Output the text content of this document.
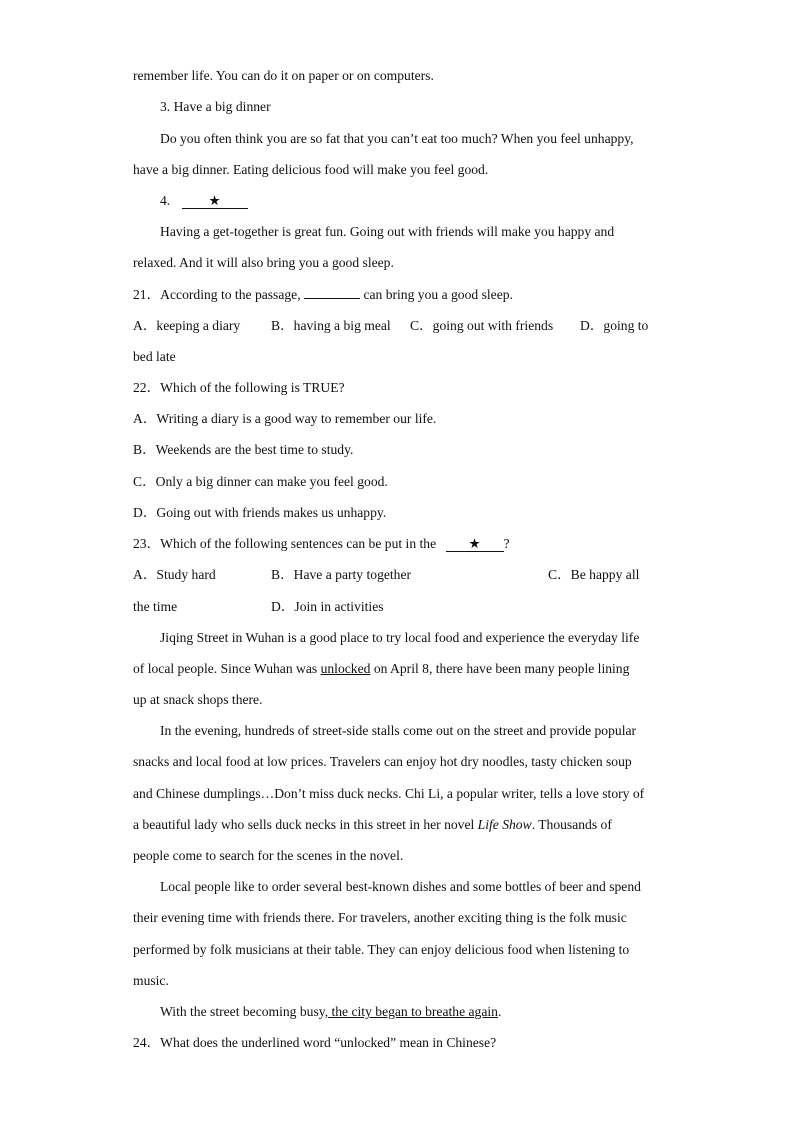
remember life. You can do it on paper or on computers.
3. Have a big dinner
Do you often think you are so fat that you can’t eat too much? When you feel unhappy,
have a big dinner. Eating delicious food will make you feel good.
4.	★
Having a get-together is great fun. Going out with friends will make you happy and
relaxed. And it will also bring you a good sleep.
21．According to the passage,	can bring you a good sleep.
A．keeping a diary B．having a big meal C．going out with friends D．going to
bed late
22．Which of the following is TRUE?
A．Writing a diary is a good way to remember our life.
B．Weekends are the best time to study.
C．Only a big dinner can make you feel good.
D．Going out with friends makes us unhappy.
23．Which of the following sentences can be put in the ★ ?
A．Study hard	B．Have a party together	C．Be happy all
the time	D．Join in activities
Jiqing Street in Wuhan is a good place to try local food and experience the everyday life
of local people. Since Wuhan was unlocked on April 8, there have been many people lining
up at snack shops there.
In the evening, hundreds of street-side stalls come out on the street and provide popular
snacks and local food at low prices. Travelers can enjoy hot dry noodles, tasty chicken soup
and Chinese dumplings…Don’t miss duck necks. Chi Li, a popular writer, tells a love story of
a beautiful lady who sells duck necks in this street in her novel Life Show. Thousands of
people come to search for the scenes in the novel.
Local people like to order several best-known dishes and some bottles of beer and spend
their evening time with friends there. For travelers, another exciting thing is the folk music
performed by folk musicians at their table. They can enjoy delicious food when listening to
music.
With the street becoming busy, the city began to breathe again.
24．What does the underlined word “unlocked” mean in Chinese?
